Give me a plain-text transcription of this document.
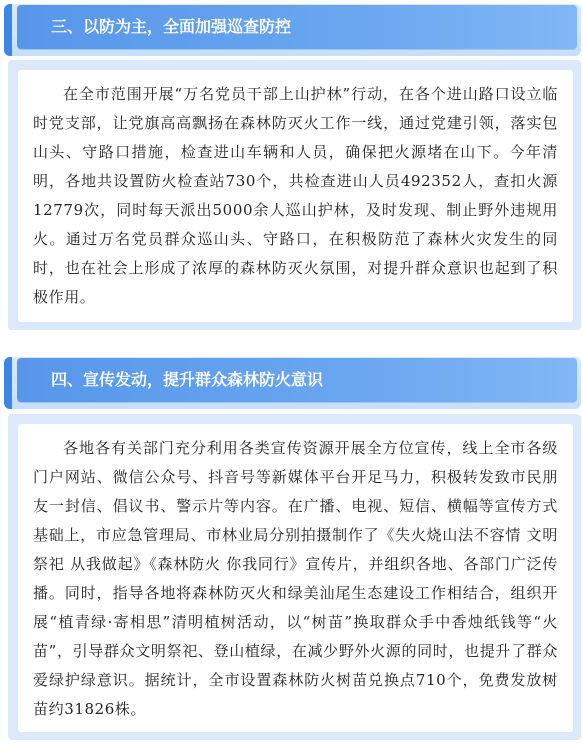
三、以防为主，全面加强巡查防控

在全市范围开展“万名党员干部上山护林”行动，在各个进山路口设立临时党支部，让党旗高高飘扬在森林防灭火工作一线，通过党建引领，落实包山头、守路口措施，检查进山车辆和人员，确保把火源堵在山下。今年清明，各地共设置防火检查站730个，共检查进山人员492352人，查扣火源12779次，同时每天派出5000余人巡山护林，及时发现、制止野外违规用火。通过万名党员群众巡山头、守路口，在积极防范了森林火灾发生的同时，也在社会上形成了浓厚的森林防灭火氛围，对提升群众意识也起到了积极作用。

四、宣传发动，提升群众森林防火意识

各地各有关部门充分利用各类宣传资源开展全方位宣传，线上全市各级门户网站、微信公众号、抖音号等新媒体平台开足马力，积极转发致市民朋友一封信、倡议书、警示片等内容。在广播、电视、短信、横幅等宣传方式基础上，市应急管理局、市林业局分别拍摄制作了《失火烧山法不容情 文明祭祀 从我做起》《森林防火 你我同行》宣传片，并组织各地、各部门广泛传播。同时，指导各地将森林防灭火和绿美汕尾生态建设工作相结合，组织开展“植青绿·寄相思”清明植树活动，以“树苗”换取群众手中香烛纸钱等“火苗”，引导群众文明祭祀、登山植绿，在减少野外火源的同时，也提升了群众爱绿护绿意识。据统计，全市设置森林防火树苗兑换点710个，免费发放树苗约31826株。
